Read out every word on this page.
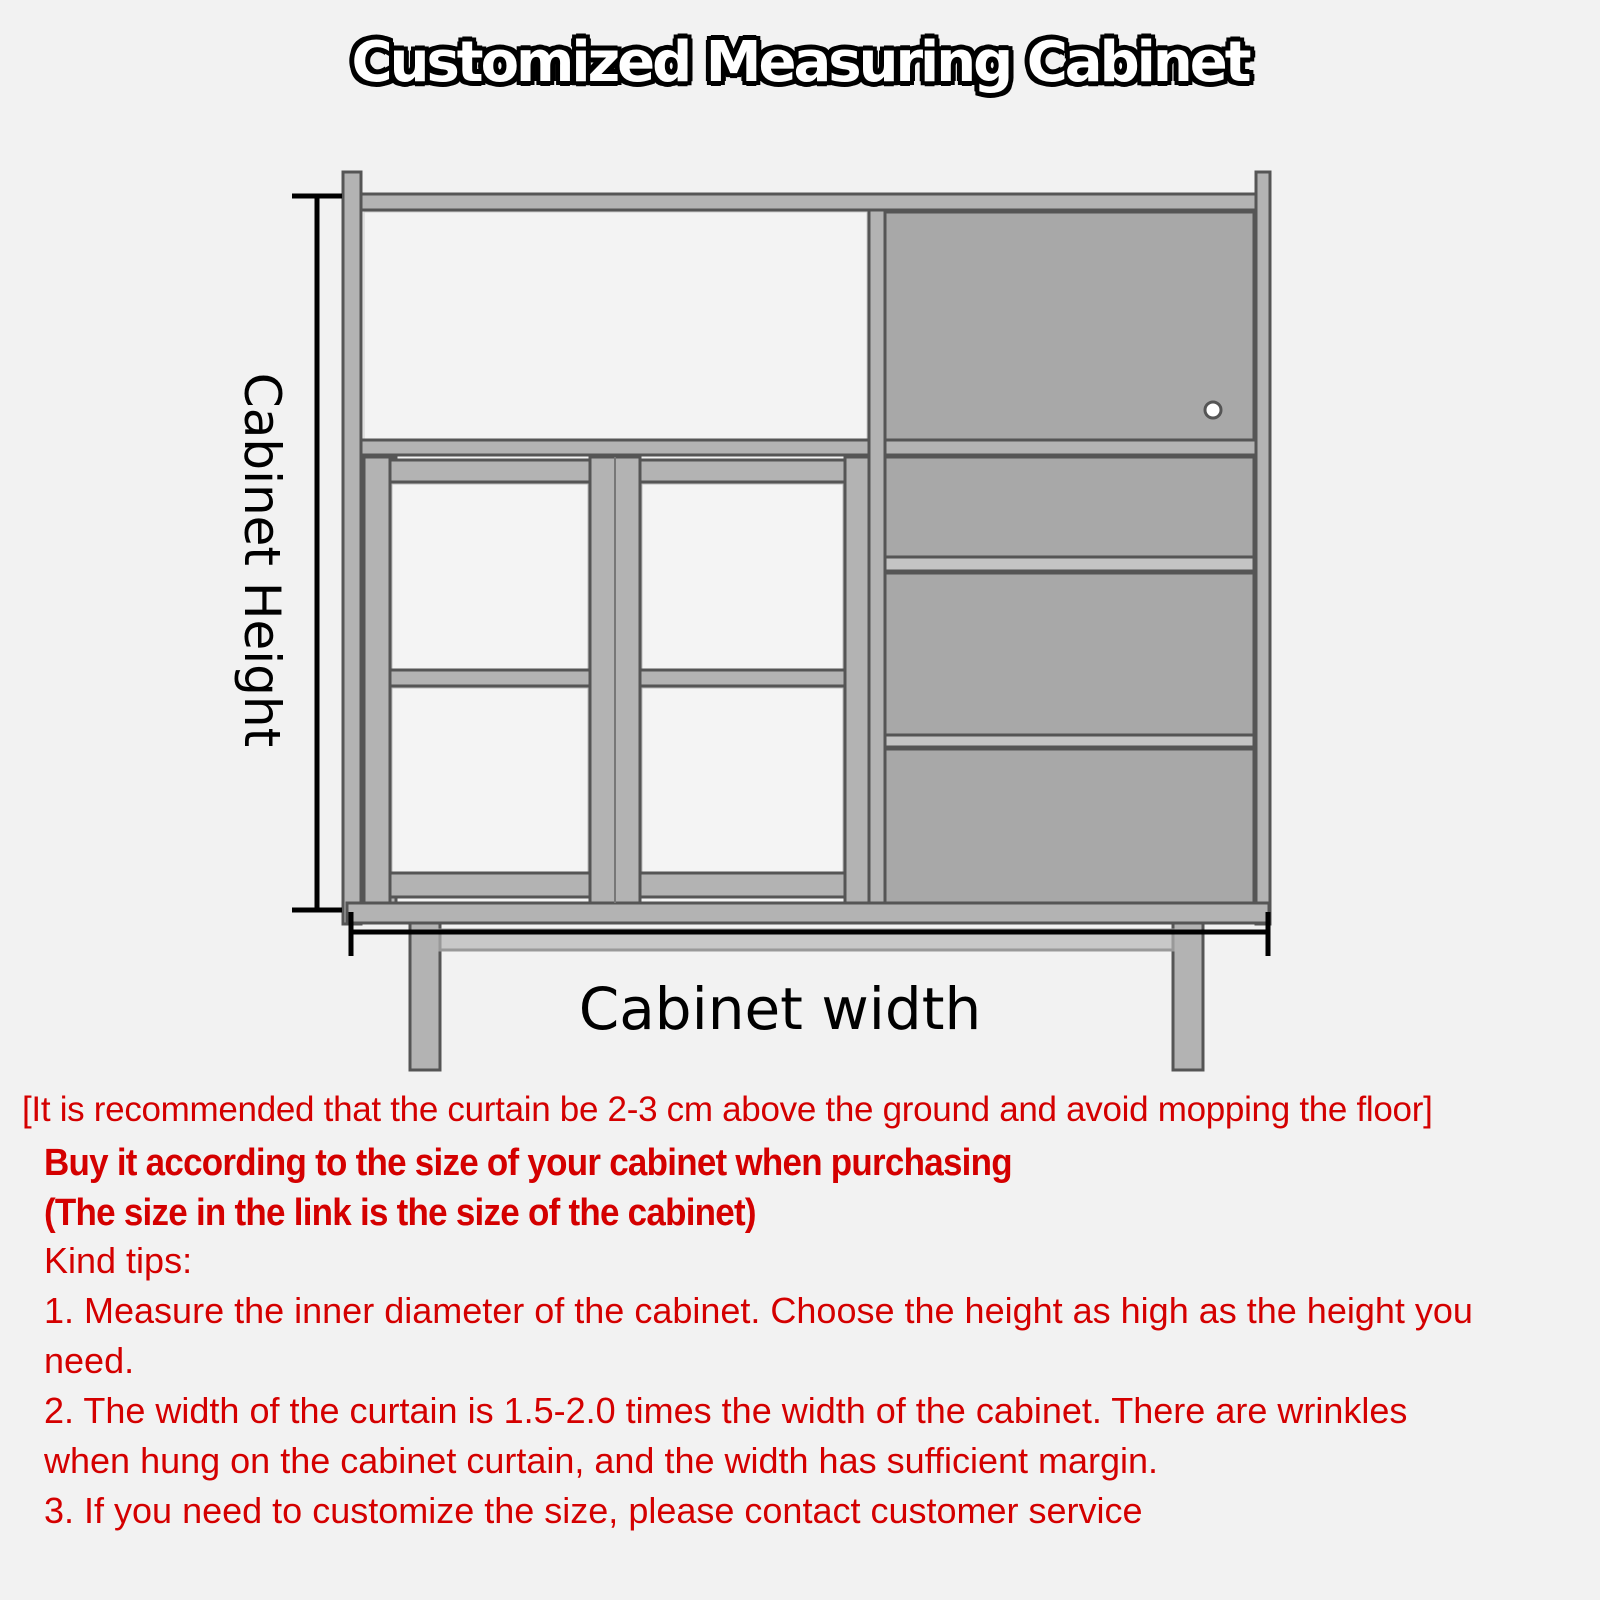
Customized Measuring Cabinet
Cabinet Height
Cabinet width
[It is recommended that the curtain be 2-3 cm above the ground and avoid mopping the floor]
Buy it according to the size of your cabinet when purchasing
(The size in the link is the size of the cabinet)
Kind tips:
1. Measure the inner diameter of the cabinet. Choose the height as high as the height you
need.
2. The width of the curtain is 1.5-2.0 times the width of the cabinet. There are wrinkles
when hung on the cabinet curtain, and the width has sufficient margin.
3. If you need to customize the size, please contact customer service
